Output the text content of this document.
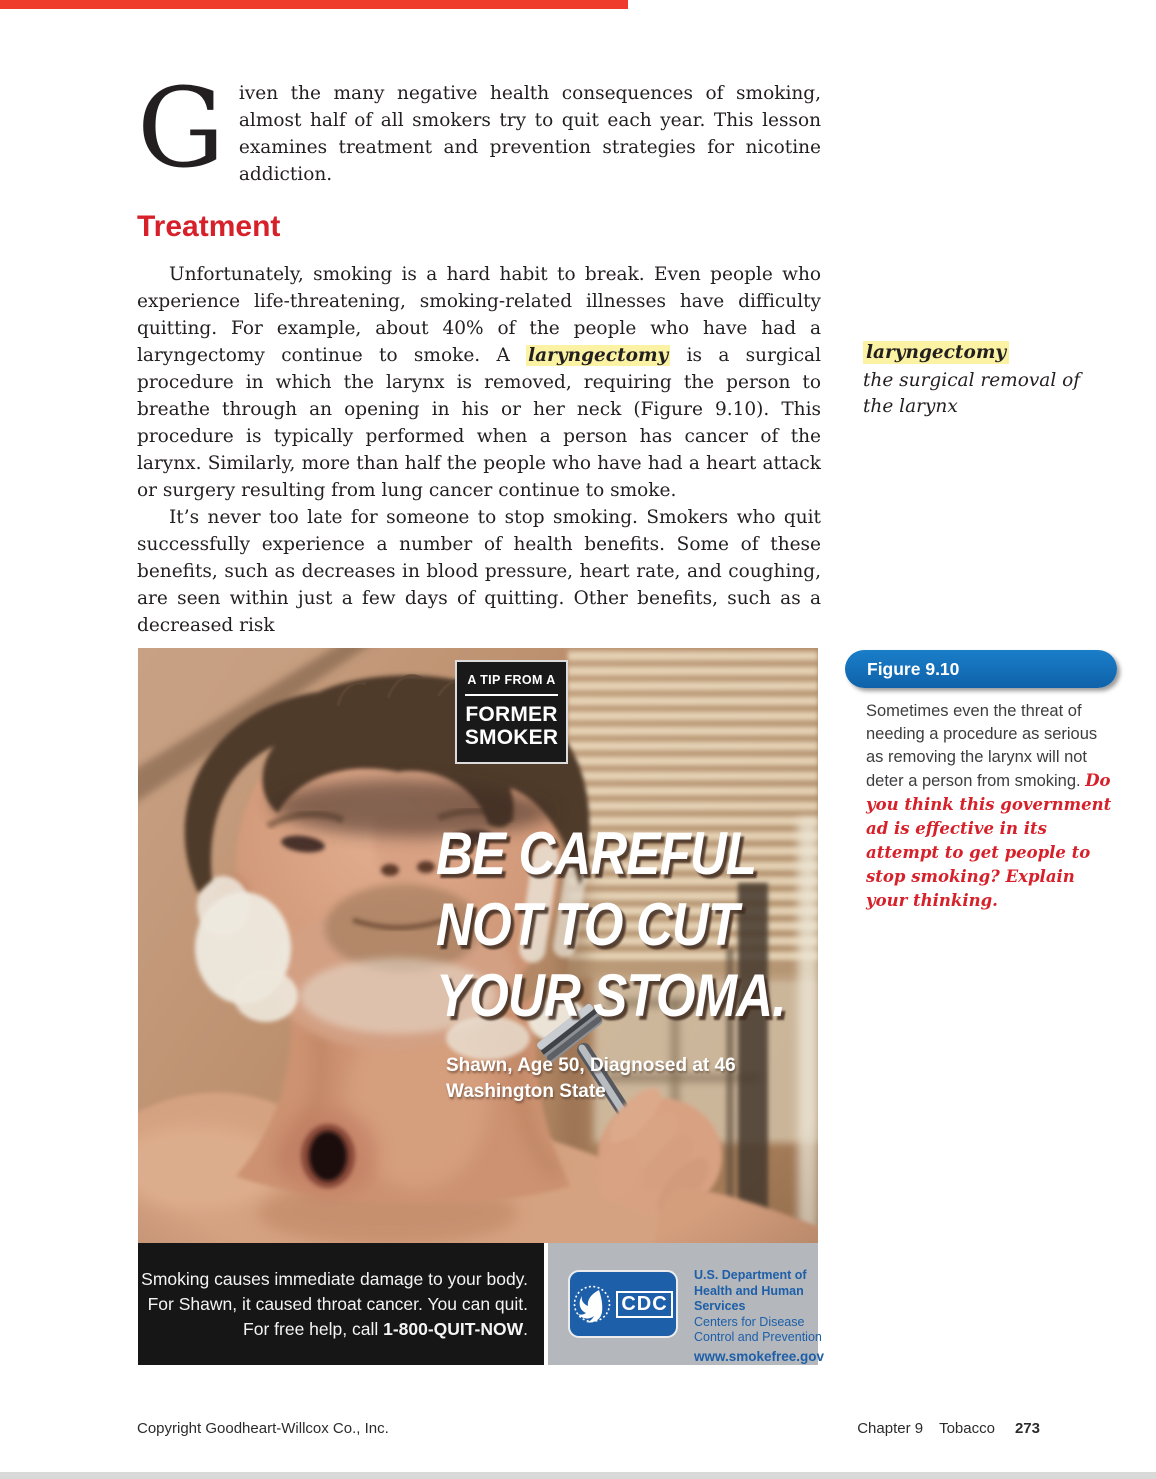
Given the many negative health consequences of smoking, almost half of all smokers try to quit each year. This lesson examines treatment and prevention strategies for nicotine addiction.
Treatment

Unfortunately, smoking is a hard habit to break. Even people who experience life-threatening, smoking-related illnesses have difficulty quitting. For example, about 40% of the people who have had a laryngectomy continue to smoke. A laryngectomy is a surgical procedure in which the larynx is removed, requiring the person to breathe through an opening in his or her neck (Figure 9.10). This procedure is typically performed when a person has cancer of the larynx. Similarly, more than half the people who have had a heart attack or surgery resulting from lung cancer continue to smoke.

It’s never too late for someone to stop smoking. Smokers who quit successfully experience a number of health benefits. Some of these benefits, such as decreases in blood pressure, heart rate, and coughing, are seen within just a few days of quitting. Other benefits, such as a decreased risk

laryngectomy
the surgical removal of the larynx
A TIP FROM A
FORMER
SMOKER
BE CAREFUL
NOT TO CUT
YOUR STOMA.
Shawn, Age 50, Diagnosed at 46
Washington State
Smoking causes immediate damage to your body.
For Shawn, it caused throat cancer. You can quit.
For free help, call 1-800-QUIT-NOW.
CDC
U.S. Department of
Health and Human Services
Centers for Disease
Control and Prevention
www.smokefree.gov
Figure 9.10
Sometimes even the threat of needing a procedure as serious as removing the larynx will not deter a person from smoking. Do you think this government ad is effective in its attempt to get people to stop smoking? Explain your thinking.
Copyright Goodheart-Willcox Co., Inc.	Chapter 9 Tobacco 273
